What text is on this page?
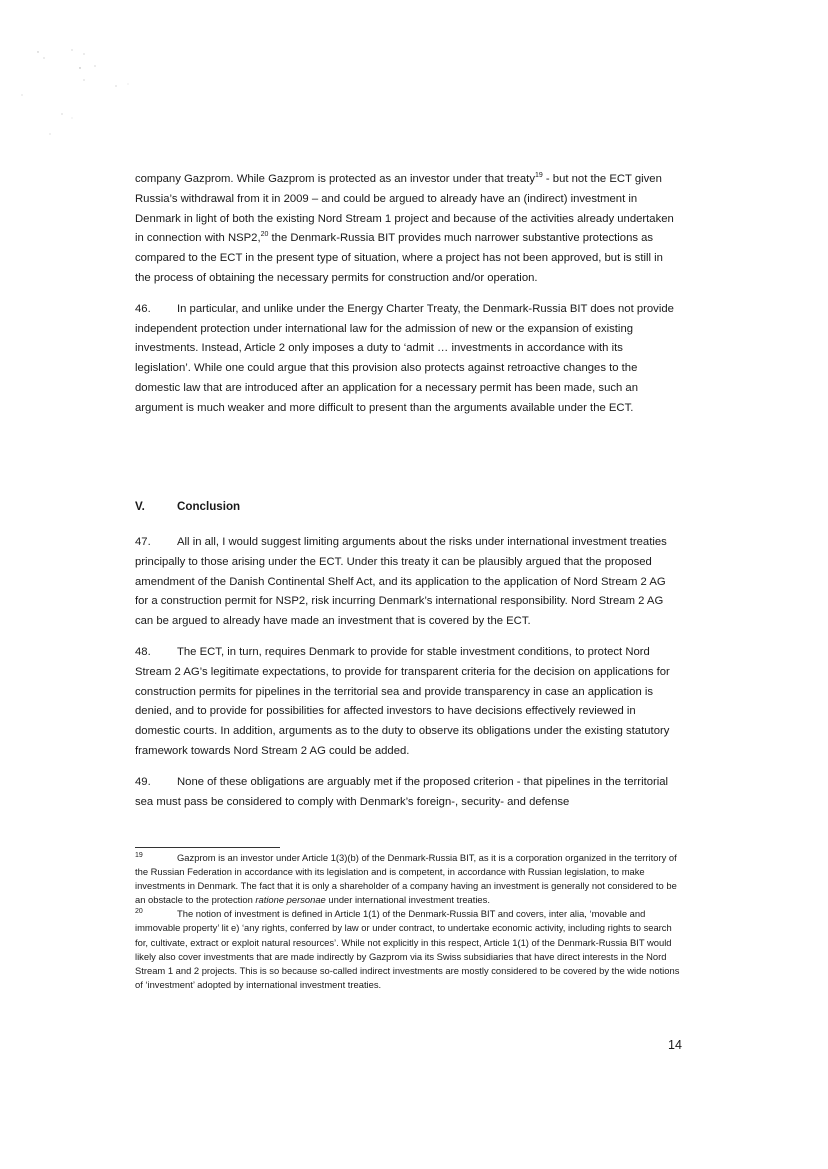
company Gazprom. While Gazprom is protected as an investor under that treaty$^{19}$ - but not the ECT given Russia’s withdrawal from it in 2009 – and could be argued to already have an (indirect) investment in Denmark in light of both the existing Nord Stream 1 project and because of the activities already undertaken in connection with NSP2,20 the Denmark-Russia BIT provides much narrower substantive protections as compared to the ECT in the present type of situation, where a project has not been approved, but is still in the process of obtaining the necessary permits for construction and/or operation.

46. In particular, and unlike under the Energy Charter Treaty, the Denmark-Russia BIT does not provide independent protection under international law for the admission of new or the expansion of existing investments. Instead, Article 2 only imposes a duty to ‘admit … investments in accordance with its legislation’. While one could argue that this provision also protects against retroactive changes to the domestic law that are introduced after an application for a necessary permit has been made, such an argument is much weaker and more difficult to present than the arguments available under the ECT.

V.	Conclusion

47. All in all, I would suggest limiting arguments about the risks under international investment treaties principally to those arising under the ECT. Under this treaty it can be plausibly argued that the proposed amendment of the Danish Continental Shelf Act, and its application to the application of Nord Stream 2 AG for a construction permit for NSP2, risk incurring Denmark’s international responsibility. Nord Stream 2 AG can be argued to already have made an investment that is covered by the ECT.

48. The ECT, in turn, requires Denmark to provide for stable investment conditions, to protect Nord Stream 2 AG’s legitimate expectations, to provide for transparent criteria for the decision on applications for construction permits for pipelines in the territorial sea and provide transparency in case an application is denied, and to provide for possibilities for affected investors to have decisions effectively reviewed in domestic courts. In addition, arguments as to the duty to observe its obligations under the existing statutory framework towards Nord Stream 2 AG could be added.

49. None of these obligations are arguably met if the proposed criterion - that pipelines in the territorial sea must pass be considered to comply with Denmark’s foreign-, security- and defense

19	Gazprom is an investor under Article 1(3)(b) of the Denmark-Russia BIT, as it is a corporation organized in the territory of the Russian Federation in accordance with its legislation and is competent, in accordance with Russian legislation, to make investments in Denmark. The fact that it is only a shareholder of a company having an investment is generally not considered to be an obstacle to the protection ratione personae under international investment treaties.

20	The notion of investment is defined in Article 1(1) of the Denmark-Russia BIT and covers, inter alia, ‘movable and immovable property’ lit e) ‘any rights, conferred by law or under contract, to undertake economic activity, including rights to search for, cultivate, extract or exploit natural resources’. While not explicitly in this respect, Article 1(1) of the Denmark-Russia BIT would likely also cover investments that are made indirectly by Gazprom via its Swiss subsidiaries that have direct interests in the Nord Stream 1 and 2 projects. This is so because so-called indirect investments are mostly considered to be covered by the wide notions of ‘investment’ adopted by international investment treaties.

14
